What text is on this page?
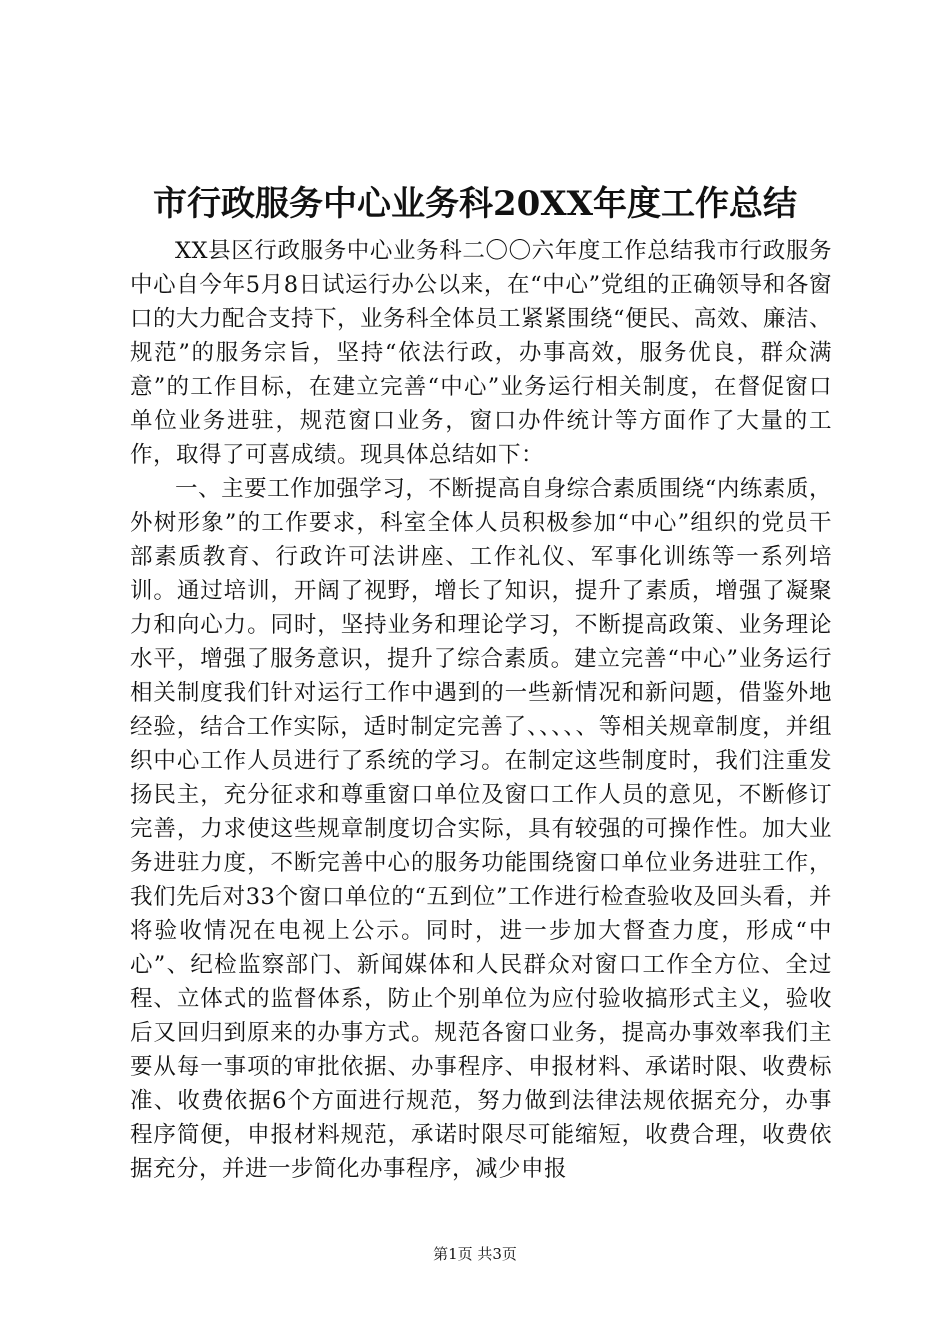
市行政服务中心业务科20XX年度工作总结

XX县区行政服务中心业务科二〇〇六年度工作总结我市行政服务中心自今年5月8日试运行办公以来，在“中心”党组的正确领导和各窗口的大力配合支持下，业务科全体员工紧紧围绕“便民、高效、廉洁、规范”的服务宗旨，坚持“依法行政，办事高效，服务优良，群众满意”的工作目标，在建立完善“中心”业务运行相关制度，在督促窗口单位业务进驻，规范窗口业务，窗口办件统计等方面作了大量的工作，取得了可喜成绩。现具体总结如下：

一、主要工作加强学习，不断提高自身综合素质围绕“内练素质，外树形象”的工作要求，科室全体人员积极参加“中心”组织的党员干部素质教育、行政许可法讲座、工作礼仪、军事化训练等一系列培训。通过培训，开阔了视野，增长了知识，提升了素质，增强了凝聚力和向心力。同时，坚持业务和理论学习，不断提高政策、业务理论水平，增强了服务意识，提升了综合素质。建立完善“中心”业务运行相关制度我们针对运行工作中遇到的一些新情况和新问题，借鉴外地经验，结合工作实际，适时制定完善了、、、、、等相关规章制度，并组织中心工作人员进行了系统的学习。在制定这些制度时，我们注重发扬民主，充分征求和尊重窗口单位及窗口工作人员的意见，不断修订完善，力求使这些规章制度切合实际，具有较强的可操作性。加大业务进驻力度，不断完善中心的服务功能围绕窗口单位业务进驻工作，我们先后对33个窗口单位的“五到位”工作进行检查验收及回头看，并将验收情况在电视上公示。同时，进一步加大督查力度，形成“中心”、纪检监察部门、新闻媒体和人民群众对窗口工作全方位、全过程、立体式的监督体系，防止个别单位为应付验收搞形式主义，验收后又回归到原来的办事方式。规范各窗口业务，提高办事效率我们主要从每一事项的审批依据、办事程序、申报材料、承诺时限、收费标准、收费依据6个方面进行规范，努力做到法律法规依据充分，办事程序简便，申报材料规范，承诺时限尽可能缩短，收费合理，收费依据充分，并进一步简化办事程序，减少申报

第1页 共3页
